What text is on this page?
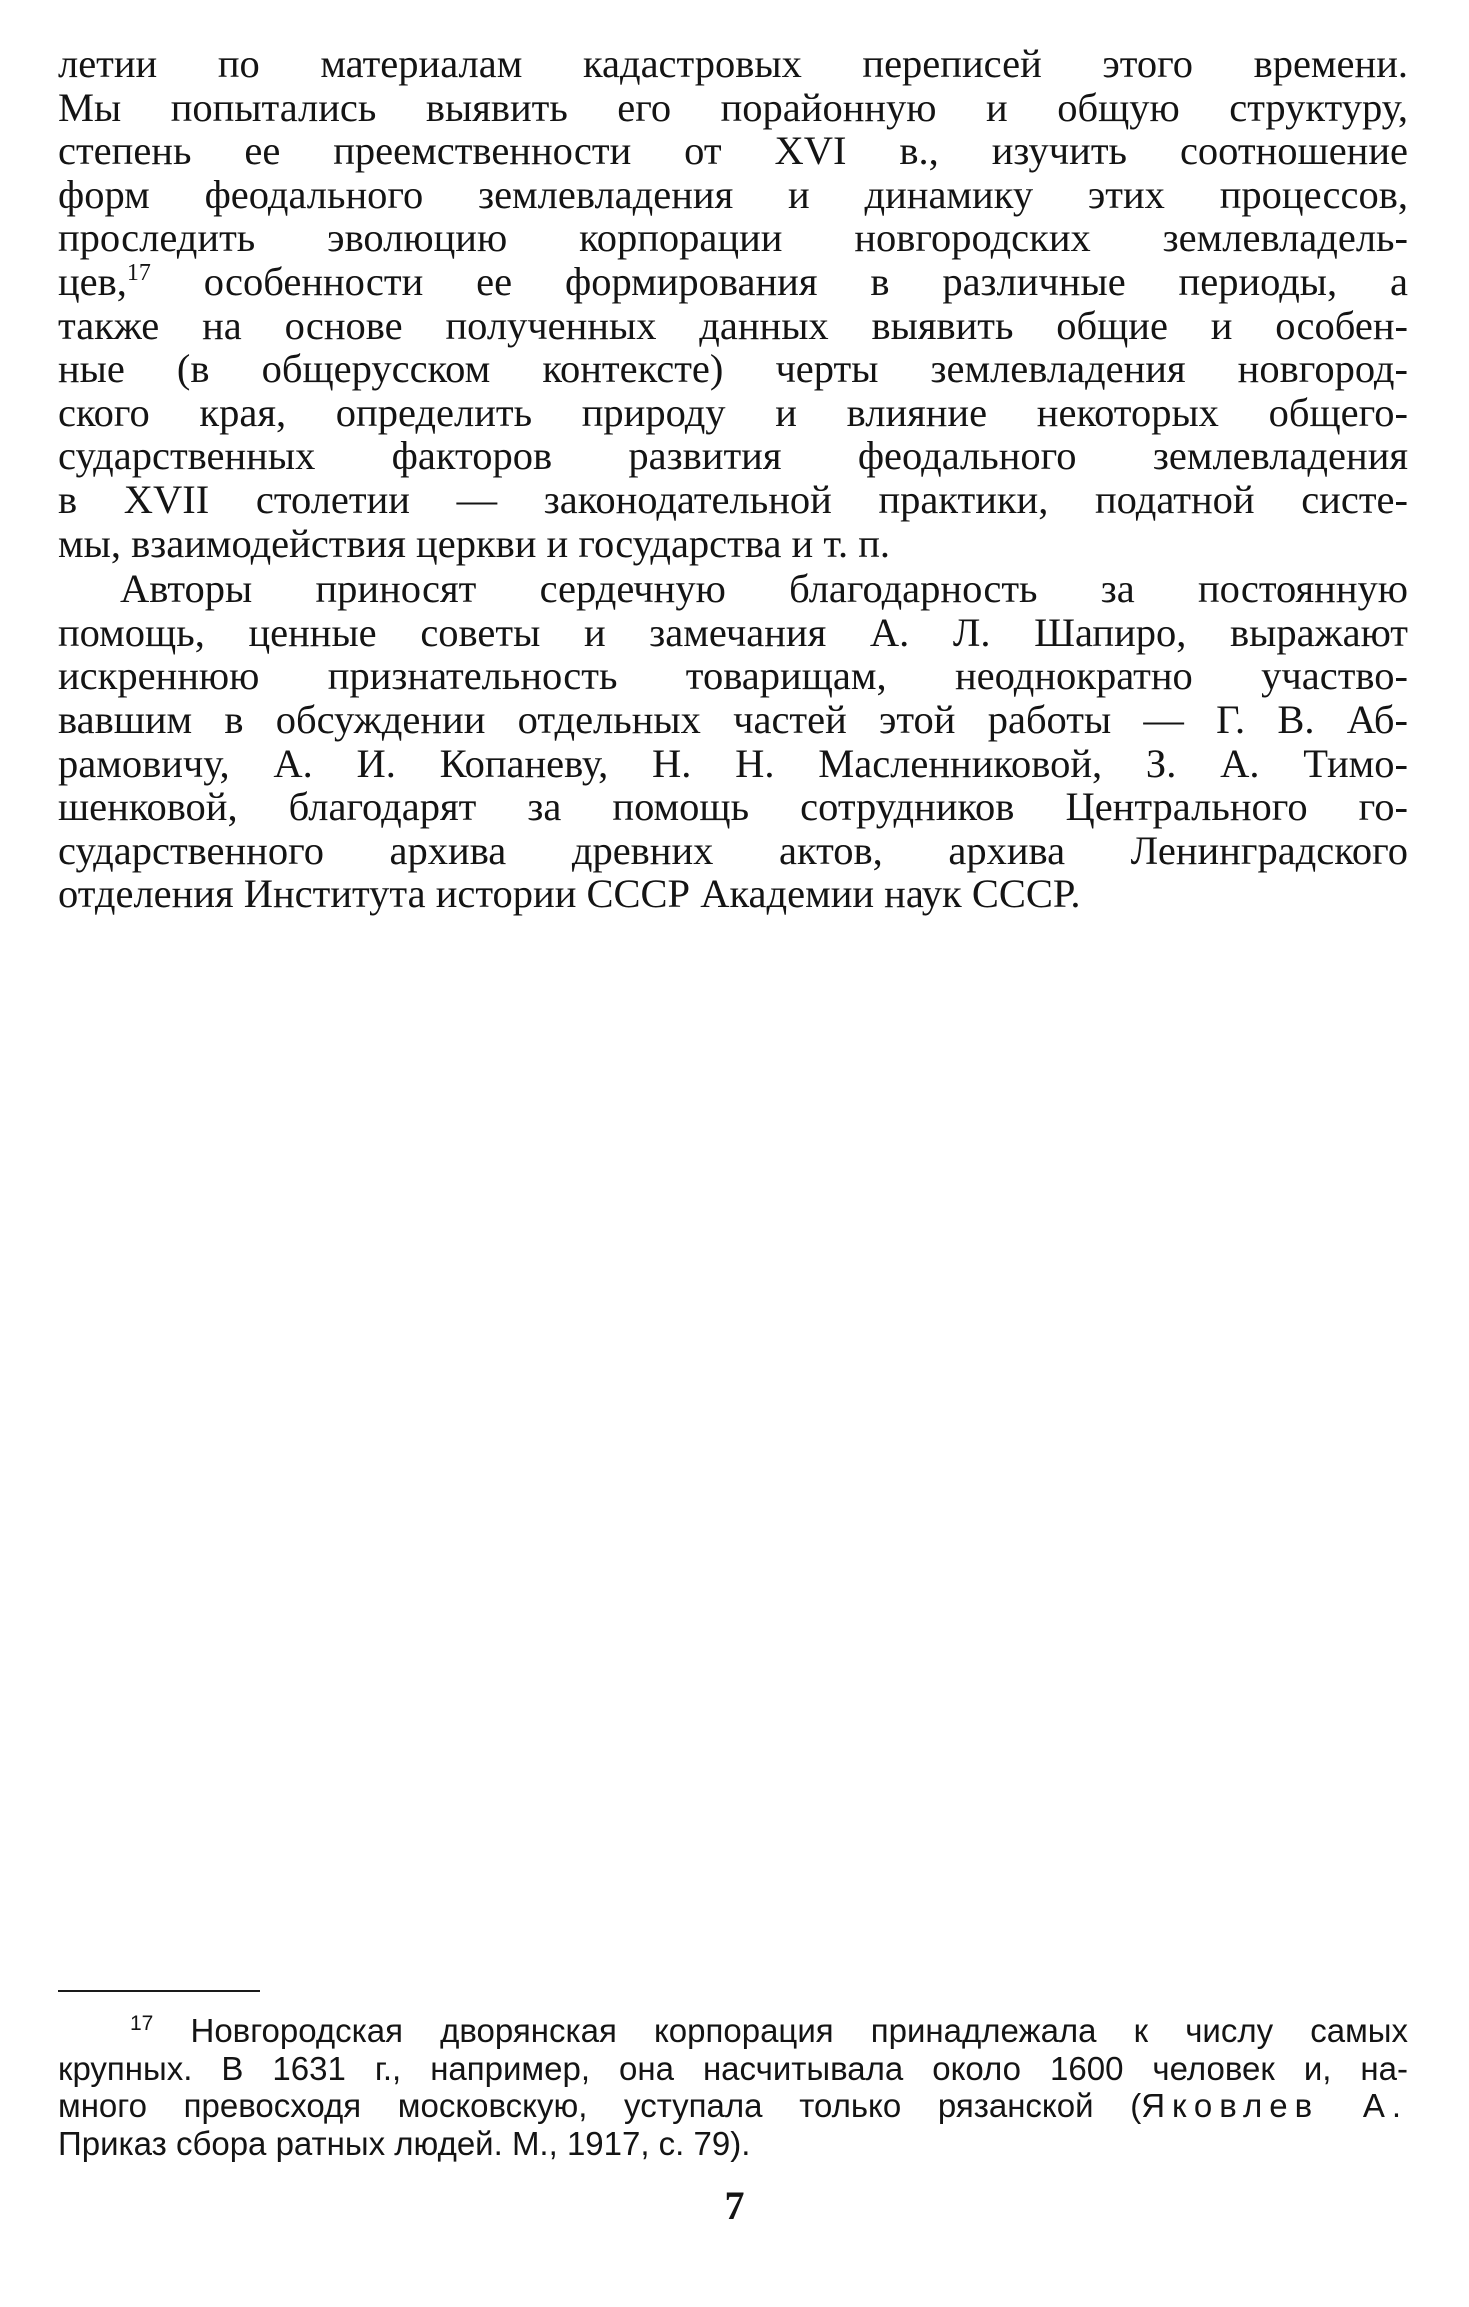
летии по материалам кадастровых переписей этого времени.
Мы попытались выявить его порайонную и общую структуру,
степень ее преемственности от XVI в., изучить соотношение
форм феодального землевладения и динамику этих процессов,
проследить эволюцию корпорации новгородских землевладель-
цев,$^{17}$ особенности ее формирования в различные периоды, а
также на основе полученных данных выявить общие и особен-
ные (в общерусском контексте) черты землевладения новгород-
ского края, определить природу и влияние некоторых общего-
сударственных факторов развития феодального землевладения
в XVII столетии — законодательной практики, податной систе-
мы, взаимодействия церкви и государства и т. п.
Авторы приносят сердечную благодарность за постоянную
помощь, ценные советы и замечания А. Л. Шапиро, выражают
искреннюю признательность товарищам, неоднократно участво-
вавшим в обсуждении отдельных частей этой работы — Г. В. Аб-
рамовичу, А. И. Копаневу, Н. Н. Масленниковой, З. А. Тимо-
шенковой, благодарят за помощь сотрудников Центрального го-
сударственного архива древних актов, архива Ленинградского
отделения Института истории СССР Академии наук СССР.
$^{17}$ Новгородская дворянская корпорация принадлежала к числу самых
крупных. В 1631 г., например, она насчитывала около 1600 человек и, на-
много превосходя московскую, уступала только рязанской (Яковлев А.
Приказ сбора ратных людей. М., 1917, с. 79).
7
